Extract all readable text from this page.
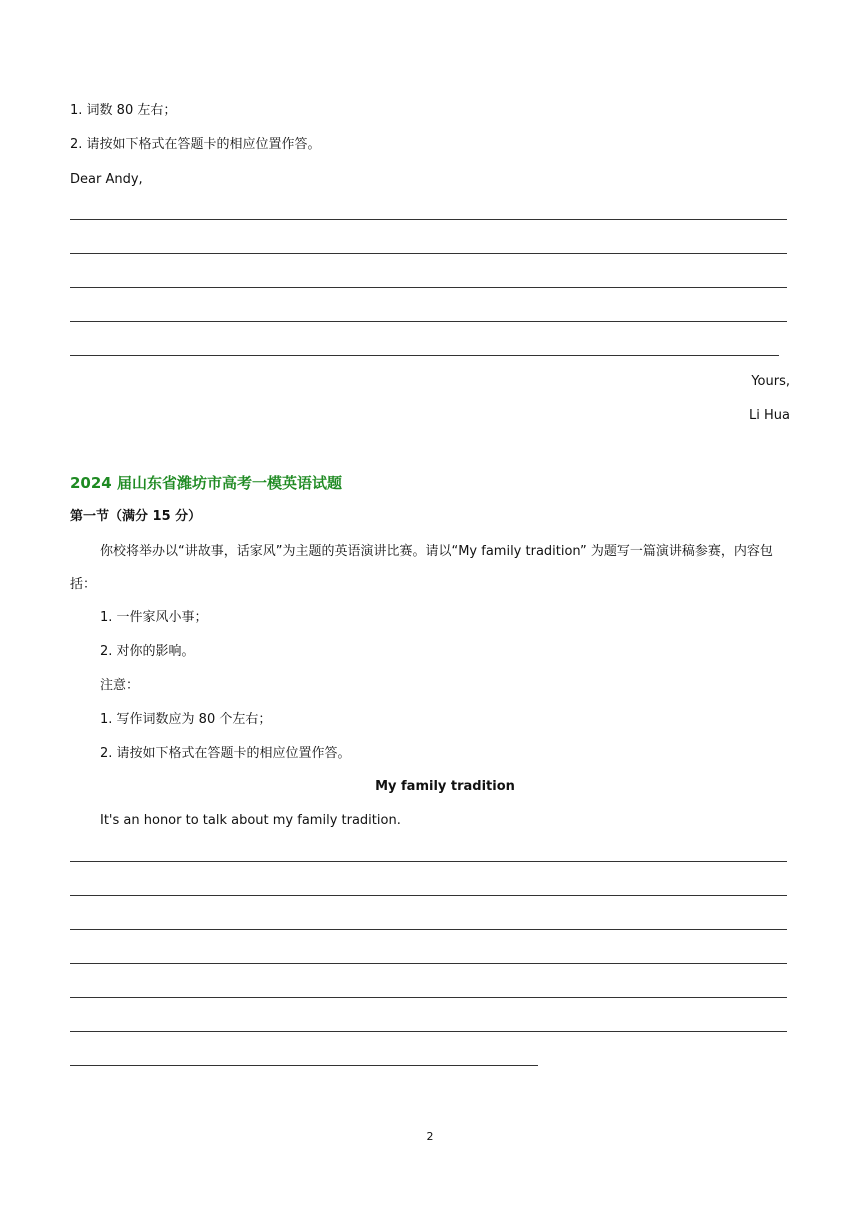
1. 词数 80 左右；
2. 请按如下格式在答题卡的相应位置作答。
Dear Andy,
Yours,
Li Hua
2024 届山东省潍坊市高考一模英语试题
第一节（满分 15 分）
你校将举办以“讲故事，话家风”为主题的英语演讲比赛。请以“My family tradition” 为题写一篇演讲稿参赛，内容包括：
1. 一件家风小事；
2. 对你的影响。
注意：
1. 写作词数应为 80 个左右；
2. 请按如下格式在答题卡的相应位置作答。
My family tradition
It's an honor to talk about my family tradition.
2
